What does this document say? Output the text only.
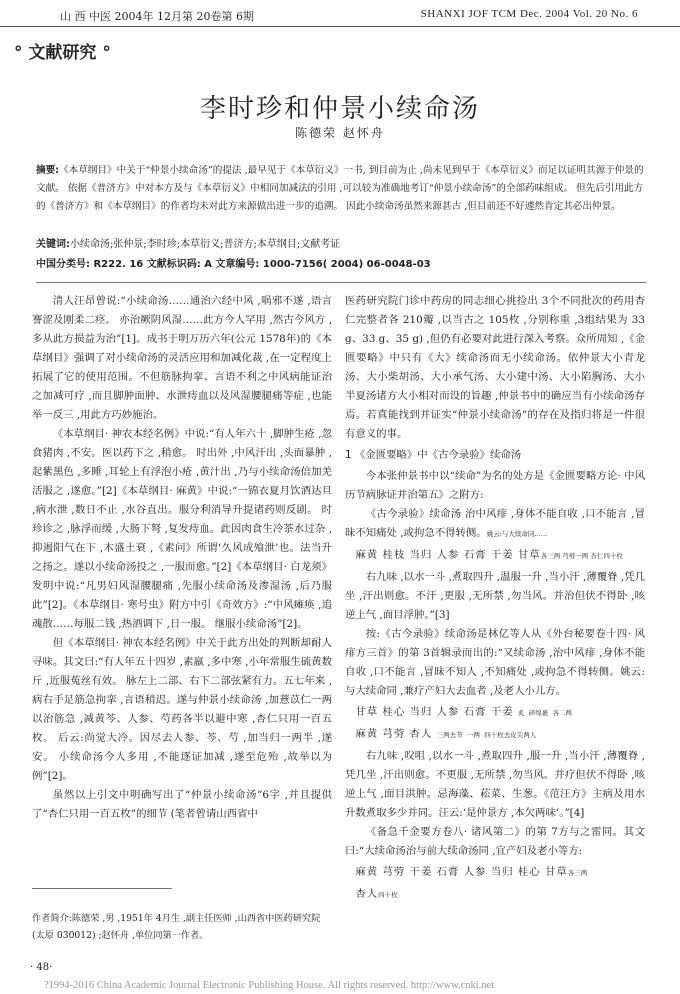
山 西 中医 2004年 12月第 20卷第 6期	SHANXI JOF TCM Dec. 2004 Vol. 20 No. 6
° 文献研究 °
李时珍和仲景小续命汤
陈德荣 赵怀舟
摘要:《本草纲目》中关于“仲景小续命汤”的提法 ,最早见于《本草衍义》一书, 到目前为止 ,尚未见到早于《本草衍义》而足以证明其源于仲景的文献。 依据《普济方》中对本方及与《本草衍义》中相同加减法的引用 ,可以较为准确地考订“仲景小续命汤”的全部药味组成。 但先后引用此方的《普济方》和《本草纲目》的作者均未对此方来源做出进一步的追溯。 因此小续命汤虽然来源甚古 ,但目前还不好遽然肯定其必出仲景。
关键词:小续命汤;张仲景;李时珍;本草衍义;普济方;本草纲目;文献考证
中国分类号: R222. 16 文献标识码: A 文章编号: 1000-7156( 2004) 06-0048-03

清人汪昂曾说:“小续命汤……通治六经中风 ,㖞邪不遂 ,语言謇涩及刚柔二痉。 亦治厥阴风湿……此方今人罕用 ,然古今风方 ,多从此方损益为治”[1]。成书于明万历六年(公元 1578年)的《本草纲目》强调了对小续命汤的灵活应用和加减化裁 ,在一定程度上拓展了它的使用范围。不但筋脉拘挛、言语不利之中风病能证治之加减可疗 ,而且脚肿面肿、水泄痔血以及风湿腰腿痛等症 ,也能举一反三 ,用此方巧妙施治。

《本草纲目· 神农本经名例》中说:“有人年六十 ,脚肿生疮 ,忽食猪肉 ,不安。医以药下之 ,稍愈。 时出外 ,中风汗出 ,头面暴肿 ,起紫黑色 ,多睡 ,耳轮上有浮泡小疮 ,黄汁出 ,乃与小续命汤倍加羌活服之 ,遂愈。”[2]《本草纲目· 麻黄》中说:“一锦衣夏月饮酒达旦 ,病水泄 ,数日不止 ,水谷直出。服分利消导升提诸药则反剧。 时珍诊之 ,脉浮而缓 ,大肠下弩 ,复发痔血。此因肉食生冷茶水过杂 ,抑遏阳气在下 ,木盛土衰 ,《素问》所谓‘久风成飧泄’也。法当升之扬之。遂以小续命汤投之 ,一服而愈。”[2]《本草纲目· 白龙须》发明中说:“凡男妇风湿腰腿痛 ,先服小续命汤及渗湿汤 ,后乃服此”[2]。《本草纲目· 寒号虫》附方中引《奇效方》:“中风瘫痪 ,追魂散……每服二钱 ,热酒调下 ,日一服。 继服小续命汤”[2]。

但《本草纲目· 神农本经名例》中关于此方出处的判断却耐人寻味。其文曰:“有人年五十四岁 ,素羸 ,多中寒 ,小年常服生硫黄数斤 ,近服菟丝有效。 脉左上二部、右下二部弦紧有力。五七年来 ,病右手足筋急拘挛 ,言语稍迟。遂与仲景小续命汤 ,加薏苡仁一两以治筋急 ,减黄芩、人参、芍药各半以避中寒 ,杏仁只用一百五枚。 后云:尚觉大冷。因尽去人参、芩、芍 ,加当归一两半 ,遂安。 小续命汤今人多用 ,不能逐证加减 ,遂至危殆 ,故举以为例”[2]。

虽然以上引文中明确写出了“仲景小续命汤”6字 ,并且提供了“杏仁只用一百五枚”的细节 (笔者曾请山西省中

医药研究院门诊中药房的同志细心挑捡出 3个不同批次的药用杏仁完整者各 210瓣 ,以当古之 105枚 ,分别称重 ,3组结果为 33 g、33 g、35 g) ,但仍有必要对此进行深入考察。众所周知 ,《金匮要略》中只有《大》续命汤而无小续命汤。依仲景大小青龙汤、大小柴胡汤、大小承气汤、大小建中汤、大小陷胸汤、大小半夏汤诸方大小相对而设的旨趣 ,仲景书中的确应当有小续命汤存焉。若真能找到并证实“仲景小续命汤”的存在及指归将是一件很有意义的事。

1 《金匮要略》中《古今录验》续命汤

今本张仲景书中以“续命”为名的处方是《金匮要略方论· 中风历节病脉证并治第五》之附方:

《古今录验》续命汤 治中风痱 ,身体不能自收 ,口不能言 ,冒昧不知痛处 ,或拘急不得转侧。姚云:与大续命同……

麻黄 桂枝 当归 人参 石膏 干姜 甘草各三两 芎䓖一两 杏仁四十枚

右九味 ,以水一斗 ,煮取四升 ,温服一升 ,当小汗 ,薄覆脊 ,凭几坐 ,汗出则愈。不汗 ,更服 ,无所禁 ,勿当风。并治但伏不得卧 ,咳逆上气 ,面目浮肿。”[3]

按:《古今录验》续命汤是林亿等人从《外台秘要卷十四· 风痱方三首》的第 3首辑录而出的:“又续命汤 ,治中风痱 ,身体不能自收 ,口不能言 ,冒昧不知人 ,不知痛处 ,或拘急不得转侧。姚云:与大续命同 ,兼疗产妇大去血者 ,及老人小儿方。

甘草 桂心 当归 人参 石膏 干姜 炙 碎绵裹 各二两
麻黄 芎䓖 杏人 三两去节 一两 四十枚去皮尖两人

右九味 ,㕮咀 ,以水一斗 ,煮取四升 ,服一升 ,当小汗 ,薄覆脊 ,凭几坐 ,汗出则愈。不更服 ,无所禁 ,勿当风。并疗但伏不得卧 ,咳逆上气 ,面目洪肿。忌海藻、菘菜、生葱。《范汪方》主病及用水升数煮取多少并同。汪云:‘是仲景方 ,本欠两味’。”[4]

《备急千金要方卷八· 诸风第二》的第 7方与之雷同。其文曰:“大续命汤治与前大续命汤同 ,宜产妇及老小等方:

麻黄 芎䓖 干姜 石膏 人参 当归 桂心 甘草各三两
杏人四十枚
作者简介:陈德荣 ,男 ,1951年 4月生 ,副主任医师 ,山西省中医药研究院 (太原 030012) ;赵怀舟 ,单位同第一作者。
· 48·
?1994-2016 China Academic Journal Electronic Publishing House. All rights reserved. http://www.cnki.net
